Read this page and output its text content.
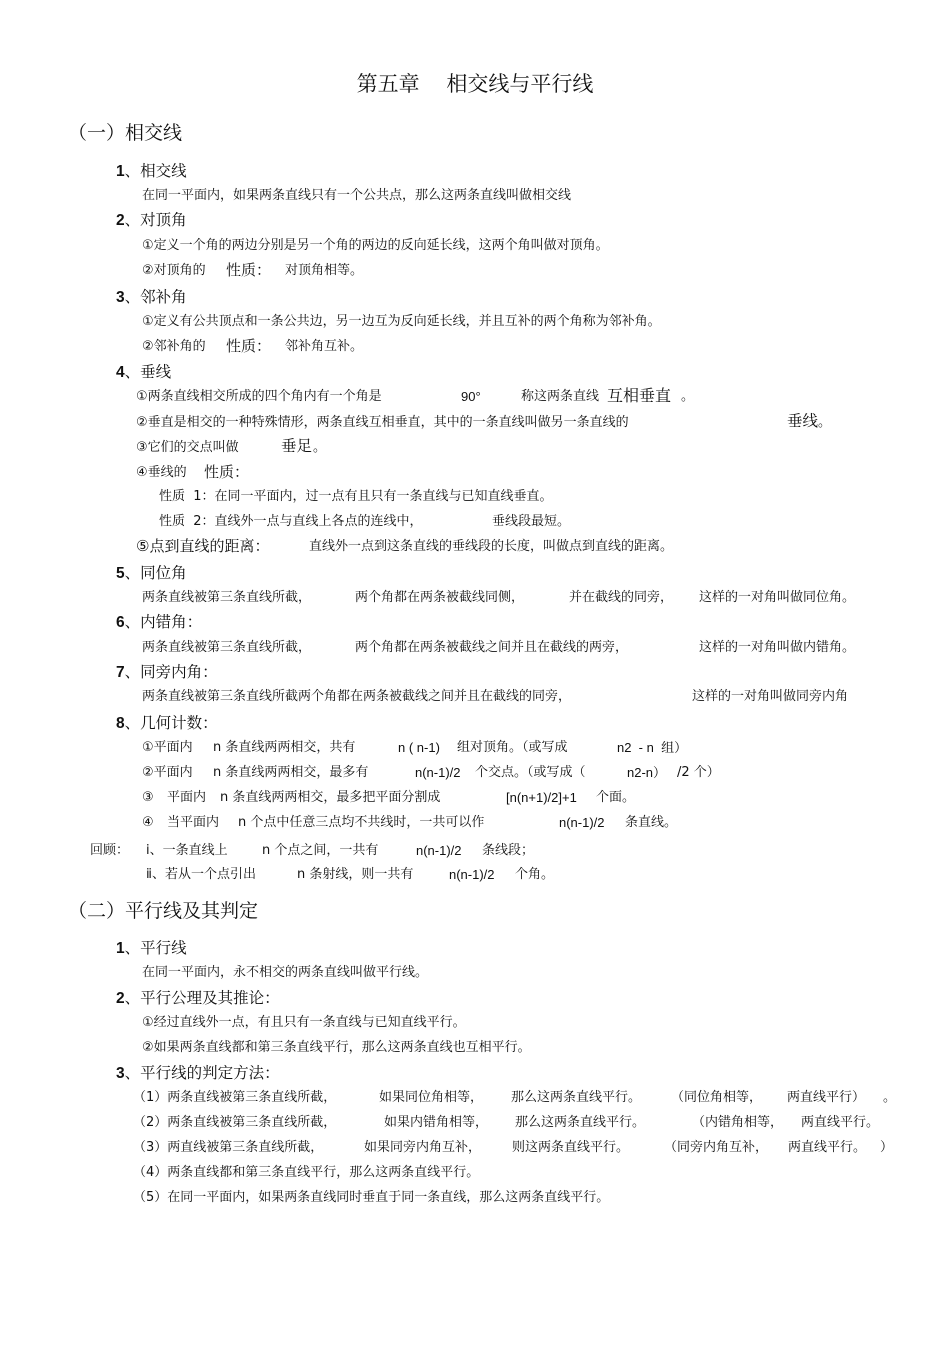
第五章    相交线与平行线
（一）相交线
1、相交线
在同一平面内，如果两条直线只有一个公共点，那么这两条直线叫做相交线
2、对顶角
①定义一个角的两边分别是另一个角的两边的反向延长线，这两个角叫做对顶角。
②对顶角的 性质： 对顶角相等。
3、邻补角
①定义有公共顶点和一条公共边，另一边互为反向延长线，并且互补的两个角称为邻补角。
②邻补角的 性质： 邻补角互补。
4、垂线
①两条直线相交所成的四个角内有一个角是	90°	称这两条直线 互相垂直 。
②垂直是相交的一种特殊情形，两条直线互相垂直，其中的一条直线叫做另一条直线的	垂线 。
③它们的交点叫做	垂足 。
④垂线的 性质：
性质  1：在同一平面内，过一点有且只有一条直线与已知直线垂直。
性质  2：直线外一点与直线上各点的连线中，	垂线段最短。
⑤点到直线的距离：	直线外一点到这条直线的垂线段的长度，叫做点到直线的距离。
5、同位角
两条直线被第三条直线所截，	两个角都在两条被截线同侧，	并在截线的同旁， 这样的一对角叫做同位角。
6、内错角：
两条直线被第三条直线所截，	两个角都在两条被截线之间并且在截线的两旁，	这样的一对角叫做内错角。
7、同旁内角：
两条直线被第三条直线所截两个角都在两条被截线之间并且在截线的同旁，	这样的一对角叫做同旁内角
8、几何计数：
①平面内 n 条直线两两相交，共有	n ( n-1) 组对顶角。（或写成	n2  - n  组）
②平面内 n 条直线两两相交，最多有	n(n-1)/2 个交点。（或写成（	n2-n） /2 个）
③ 平面内 n 条直线两两相交，最多把平面分割成	[n(n+1)/2]+1 个面。
④ 当平面内 n 个点中任意三点均不共线时，一共可以作	n(n-1)/2 条直线。
回顾： ⅰ、一条直线上	n 个点之间，一共有	n(n-1)/2 条线段；
ⅱ、若从一个点引出	n 条射线，则一共有	n(n-1)/2 个角。
（二）平行线及其判定
1、平行线
在同一平面内，永不相交的两条直线叫做平行线。
2、平行公理及其推论：
①经过直线外一点，有且只有一条直线与已知直线平行。
②如果两条直线都和第三条直线平行，那么这两条直线也互相平行。
3、平行线的判定方法：
（1）两条直线被第三条直线所截，	如果同位角相等， 那么这两条直线平行。 （同位角相等， 两直线平行） 。
（2）两条直线被第三条直线所截，	如果内错角相等， 那么这两条直线平行。	（内错角相等， 两直线平行。
（3）两直线被第三条直线所截，	如果同旁内角互补， 则这两条直线平行。	（同旁内角互补， 两直线平行。 ）
（4）两条直线都和第三条直线平行，那么这两条直线平行。
（5）在同一平面内，如果两条直线同时垂直于同一条直线，那么这两条直线平行。
